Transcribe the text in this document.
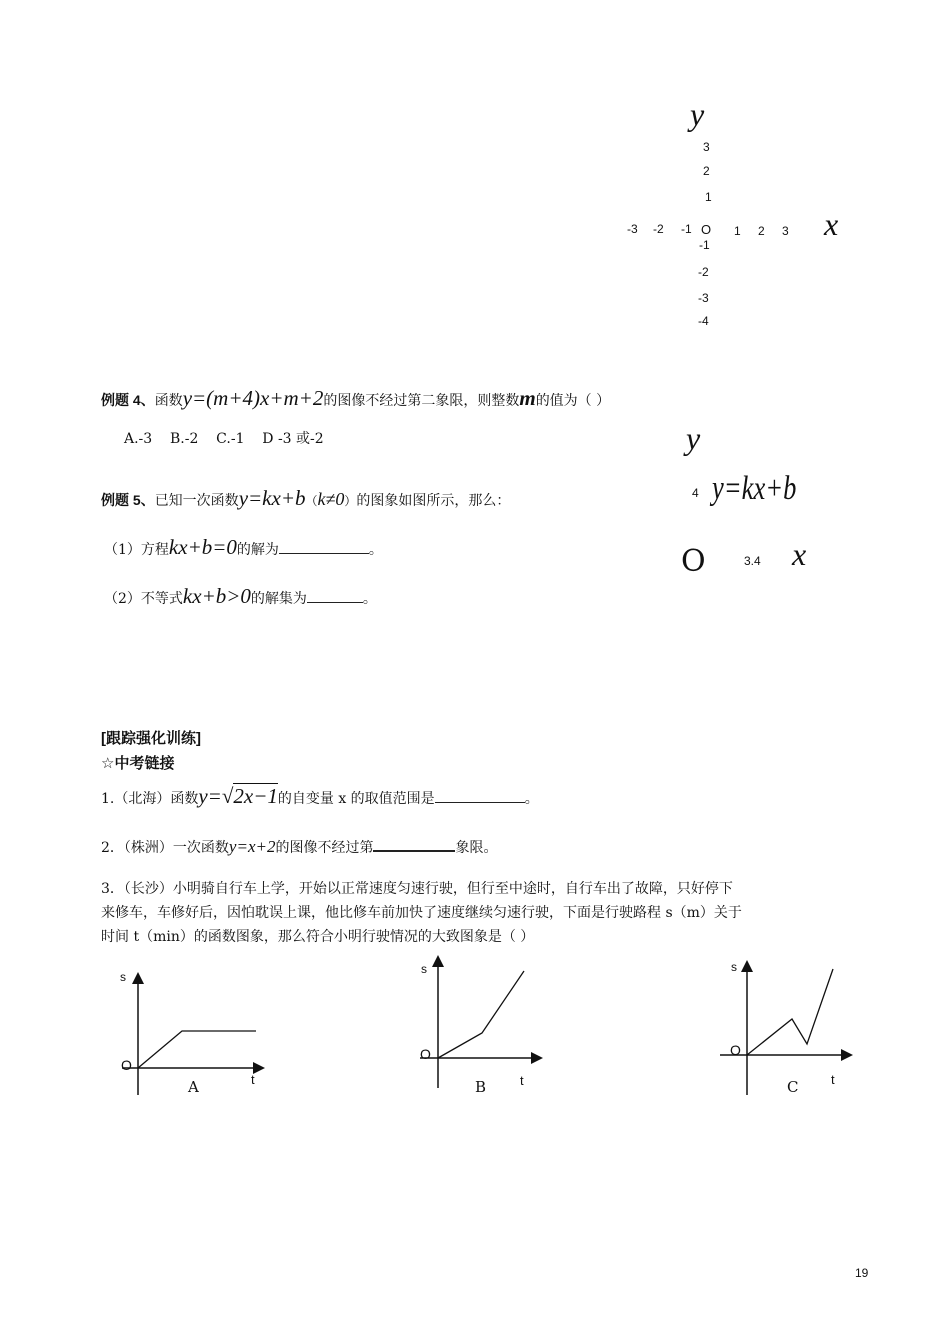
y
3
2
1
-3 -2 -1 O 1 2 3 x
-1
-2
-3
-4
例题 4、函数y=(m+4)x+m+2的图像不经过第二象限，则整数m的值为（ ）
A.-3    B.-2    C.-1    D -3 或-2	y
4 y=kx+b
O	3.4 x
例题 5、已知一次函数y=kx+b（k≠0）的图象如图所示，那么：
（1）方程kx+b=0的解为	。
（2）不等式kx+b>0的解集为	。
[跟踪强化训练]
☆中考链接
1.（北海）函数y=√2x−1的自变量 x 的取值范围是	。
2．（株洲）一次函数y=x+2的图像不经过第	象限。
3．（长沙）小明骑自行车上学，开始以正常速度匀速行驶，但行至中途时，自行车出了故障，只好停下
来修车，车修好后，因怕耽误上课，他比修车前加快了速度继续匀速行驶，下面是行驶路程 s（m）关于
时间 t（min）的函数图象，那么符合小明行驶情况的大致图象是（ ）
s
O
t
A
s
O
t
B
s
O
t
C
19
